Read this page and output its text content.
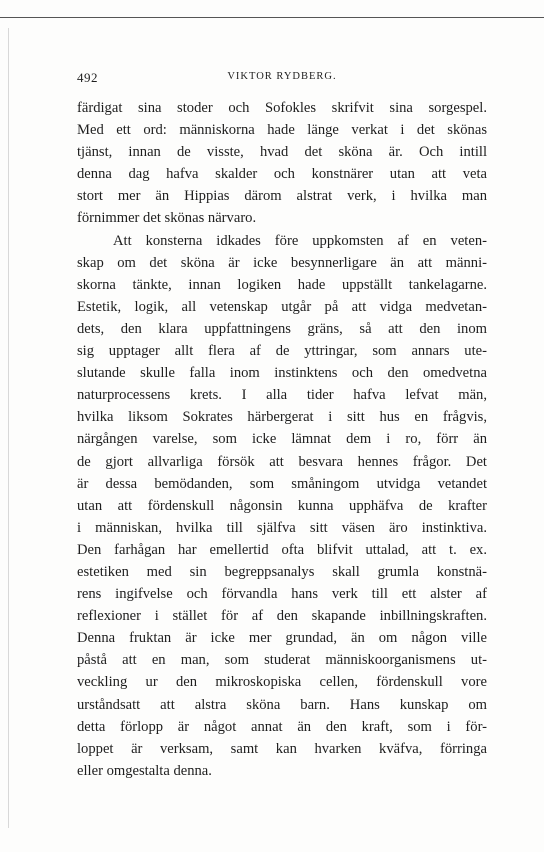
492	VIKTOR RYDBERG.
färdigat sina stoder och Sofokles skrifvit sina sorgespel.
Med ett ord: människorna hade länge verkat i det skönas
tjänst, innan de visste, hvad det sköna är. Och intill
denna dag hafva skalder och konstnärer utan att veta
stort mer än Hippias därom alstrat verk, i hvilka man
förnimmer det skönas närvaro.
Att konsterna idkades före uppkomsten af en veten-
skap om det sköna är icke besynnerligare än att männi-
skorna tänkte, innan logiken hade uppställt tankelagarne.
Estetik, logik, all vetenskap utgår på att vidga medvetan-
dets, den klara uppfattningens gräns, så att den inom
sig upptager allt flera af de yttringar, som annars ute-
slutande skulle falla inom instinktens och den omedvetna
naturprocessens krets. I alla tider hafva lefvat män,
hvilka liksom Sokrates härbergerat i sitt hus en frågvis,
närgången varelse, som icke lämnat dem i ro, förr än
de gjort allvarliga försök att besvara hennes frågor. Det
är dessa bemödanden, som småningom utvidga vetandet
utan att fördenskull någonsin kunna upphäfva de krafter
i människan, hvilka till själfva sitt väsen äro instinktiva.
Den farhågan har emellertid ofta blifvit uttalad, att t. ex.
estetiken med sin begreppsanalys skall grumla konstnä-
rens ingifvelse och förvandla hans verk till ett alster af
reflexioner i stället för af den skapande inbillningskraften.
Denna fruktan är icke mer grundad, än om någon ville
påstå att en man, som studerat människoorganismens ut-
veckling ur den mikroskopiska cellen, fördenskull vore
urståndsatt att alstra sköna barn. Hans kunskap om
detta förlopp är något annat än den kraft, som i för-
loppet är verksam, samt kan hvarken kväfva, förringa
eller omgestalta denna.
